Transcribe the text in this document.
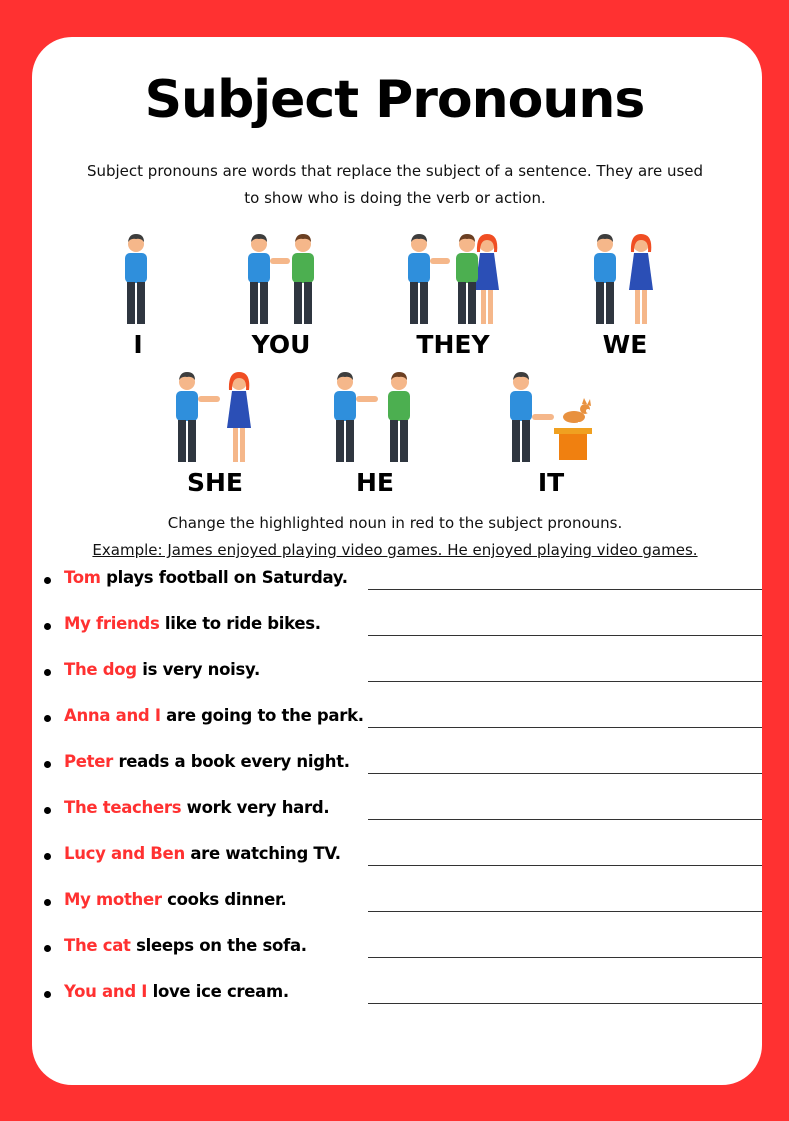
Subject Pronouns
Subject pronouns are words that replace the subject of a sentence. They are used to show who is doing the verb or action.
I	YOU	THEY	WE
SHE	HE	IT
Change the highlighted noun in red to the subject pronouns.
Example: James enjoyed playing video games. He enjoyed playing video games.
Tom plays football on Saturday.
My friends like to ride bikes.
The dog is very noisy.
Anna and I are going to the park.
Peter reads a book every night.
The teachers work very hard.
Lucy and Ben are watching TV.
My mother cooks dinner.
The cat sleeps on the sofa.
You and I love ice cream.
